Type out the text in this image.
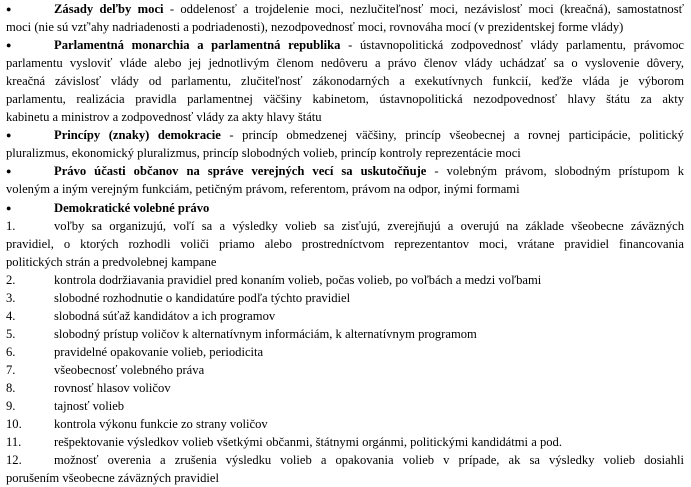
●	Zásady deľby moci - oddelenosť a trojdelenie moci, nezlučiteľnosť moci, nezávislosť moci (kreačná), samostatnosť
moci (nie sú vzť'ahy nadriadenosti a podriadenosti), nezodpovednosť moci, rovnováha mocí (v prezidentskej forme vlády)
●	Parlamentná monarchia a parlamentná republika - ústavnopolitická zodpovednosť vlády parlamentu, právomoc
parlamentu vysloviť vláde alebo jej jednotlivým členom nedôveru a právo členov vlády uchádzať sa o vyslovenie dôvery,
kreačná závislosť vlády od parlamentu, zlučiteľnosť zákonodarných a exekutívnych funkcií, keďže vláda je výborom
parlamentu, realizácia pravidla parlamentnej väčšiny kabinetom, ústavnopolitická nezodpovednosť hlavy štátu za akty
kabinetu a ministrov a zodpovednosť vlády za akty hlavy štátu
●	Princípy (znaky) demokracie - princíp obmedzenej väčšiny, princíp všeobecnej a rovnej participácie, politický
pluralizmus, ekonomický pluralizmus, princíp slobodných volieb, princíp kontroly reprezentácie moci
●	Právo účasti občanov na správe verejných vecí sa uskutočňuje - volebným právom, slobodným prístupom k
voleným a iným verejným funkciám, petičným právom, referentom, právom na odpor, inými formami
●	Demokratické volebné právo
1.	voľby sa organizujú, voľí sa a výsledky volieb sa zisťujú, zverejňujú a overujú na základe všeobecne záväzných
pravidiel, o ktorých rozhodli voliči priamo alebo prostredníctvom reprezentantov moci, vrátane pravidiel financovania
politických strán a predvolebnej kampane
2.	kontrola dodržiavania pravidiel pred konaním volieb, počas volieb, po voľbách a medzi voľbami
3.	slobodné rozhodnutie o kandidatúre podľa týchto pravidiel
4.	slobodná súťaž kandidátov a ich programov
5.	slobodný prístup voličov k alternatívnym informáciám, k alternatívnym programom
6.	pravidelné opakovanie volieb, periodicita
7.	všeobecnosť volebného práva
8.	rovnosť hlasov voličov
9.	tajnosť volieb
10.	kontrola výkonu funkcie zo strany voličov
11.	rešpektovanie výsledkov volieb všetkými občanmi, štátnymi orgánmi, politickými kandidátmi a pod.
12.	možnosť overenia a zrušenia výsledku volieb a opakovania volieb v prípade, ak sa výsledky volieb dosiahli
porušením všeobecne záväzných pravidiel
